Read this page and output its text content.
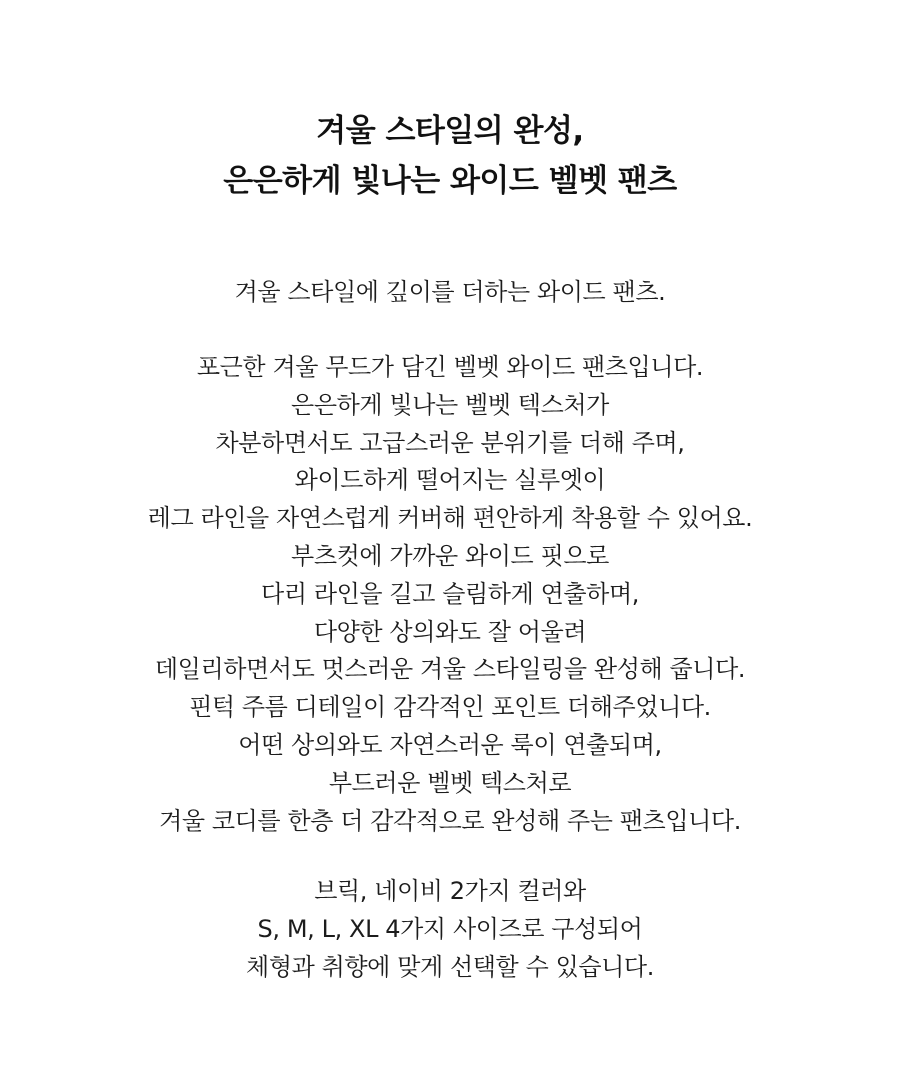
겨울 스타일의 완성,
은은하게 빛나는 와이드 벨벳 팬츠

겨울 스타일에 깊이를 더하는 와이드 팬츠.

포근한 겨울 무드가 담긴 벨벳 와이드 팬츠입니다.
은은하게 빛나는 벨벳 텍스처가
차분하면서도 고급스러운 분위기를 더해 주며,
와이드하게 떨어지는 실루엣이
레그 라인을 자연스럽게 커버해 편안하게 착용할 수 있어요.
부츠컷에 가까운 와이드 핏으로
다리 라인을 길고 슬림하게 연출하며,
다양한 상의와도 잘 어울려
데일리하면서도 멋스러운 겨울 스타일링을 완성해 줍니다.
핀턱 주름 디테일이 감각적인 포인트 더해주었니다.
어떤 상의와도 자연스러운 룩이 연출되며,
부드러운 벨벳 텍스처로
겨울 코디를 한층 더 감각적으로 완성해 주는 팬츠입니다.

브릭, 네이비 2가지 컬러와
S, M, L, XL 4가지 사이즈로 구성되어
체형과 취향에 맞게 선택할 수 있습니다.
